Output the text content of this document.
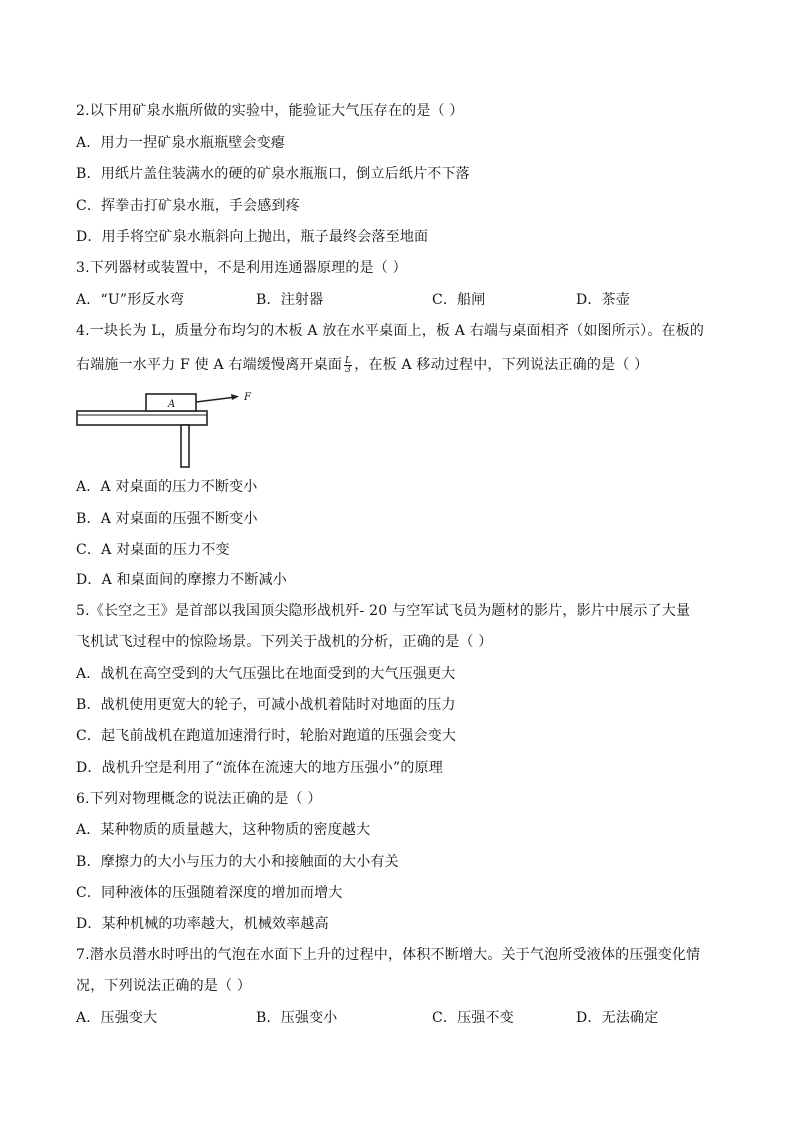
2.以下用矿泉水瓶所做的实验中，能验证大气压存在的是（ ）
A．用力一捏矿泉水瓶瓶壁会变瘪
B．用纸片盖住装满水的硬的矿泉水瓶瓶口，倒立后纸片不下落
C．挥拳击打矿泉水瓶，手会感到疼
D．用手将空矿泉水瓶斜向上抛出，瓶子最终会落至地面
3.下列器材或装置中，不是利用连通器原理的是（ ）
A．“U”形反水弯	B．注射器	C．船闸	D．茶壶
4.一块长为 L，质量分布均匀的木板 A 放在水平桌面上，板 A 右端与桌面相齐（如图所示）。在板的
右端施一水平力 F 使 A 右端缓慢离开桌面 $\frac{L}{3}$ ，在板 A 移动过程中，下列说法正确的是（ ）
A
F
A．A 对桌面的压力不断变小
B．A 对桌面的压强不断变小
C．A 对桌面的压力不变
D．A 和桌面间的摩擦力不断减小
5.《长空之王》是首部以我国顶尖隐形战机歼- 20 与空军试飞员为题材的影片，影片中展示了大量
飞机试飞过程中的惊险场景。下列关于战机的分析，正确的是（ ）
A．战机在高空受到的大气压强比在地面受到的大气压强更大
B．战机使用更宽大的轮子，可减小战机着陆时对地面的压力
C．起飞前战机在跑道加速滑行时，轮胎对跑道的压强会变大
D．战机升空是利用了“流体在流速大的地方压强小”的原理
6.下列对物理概念的说法正确的是（ ）
A．某种物质的质量越大，这种物质的密度越大
B．摩擦力的大小与压力的大小和接触面的大小有关
C．同种液体的压强随着深度的增加而增大
D．某种机械的功率越大，机械效率越高
7.潜水员潜水时呼出的气泡在水面下上升的过程中，体积不断增大。关于气泡所受液体的压强变化情
况，下列说法正确的是（ ）
A．压强变大	B．压强变小	C．压强不变	D．无法确定
